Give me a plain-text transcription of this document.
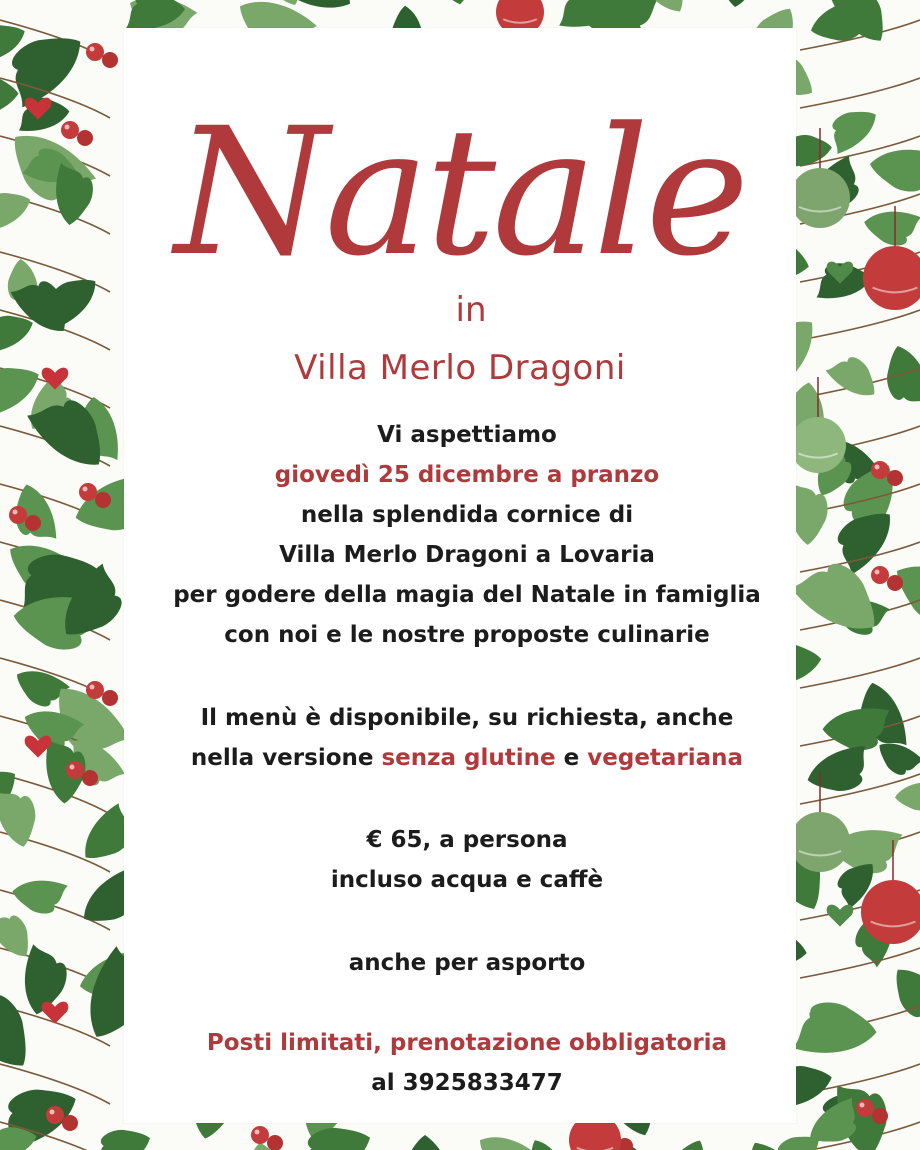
Natale
in
Villa Merlo Dragoni
Vi aspettiamo
giovedì 25 dicembre a pranzo
nella splendida cornice di
Villa Merlo Dragoni a Lovaria
per godere della magia del Natale in famiglia
con noi e le nostre proposte culinarie
Il menù è disponibile, su richiesta, anche
nella versione senza glutine e vegetariana
€ 65, a persona
incluso acqua e caffè
anche per asporto
Posti limitati, prenotazione obbligatoria
al 3925833477
